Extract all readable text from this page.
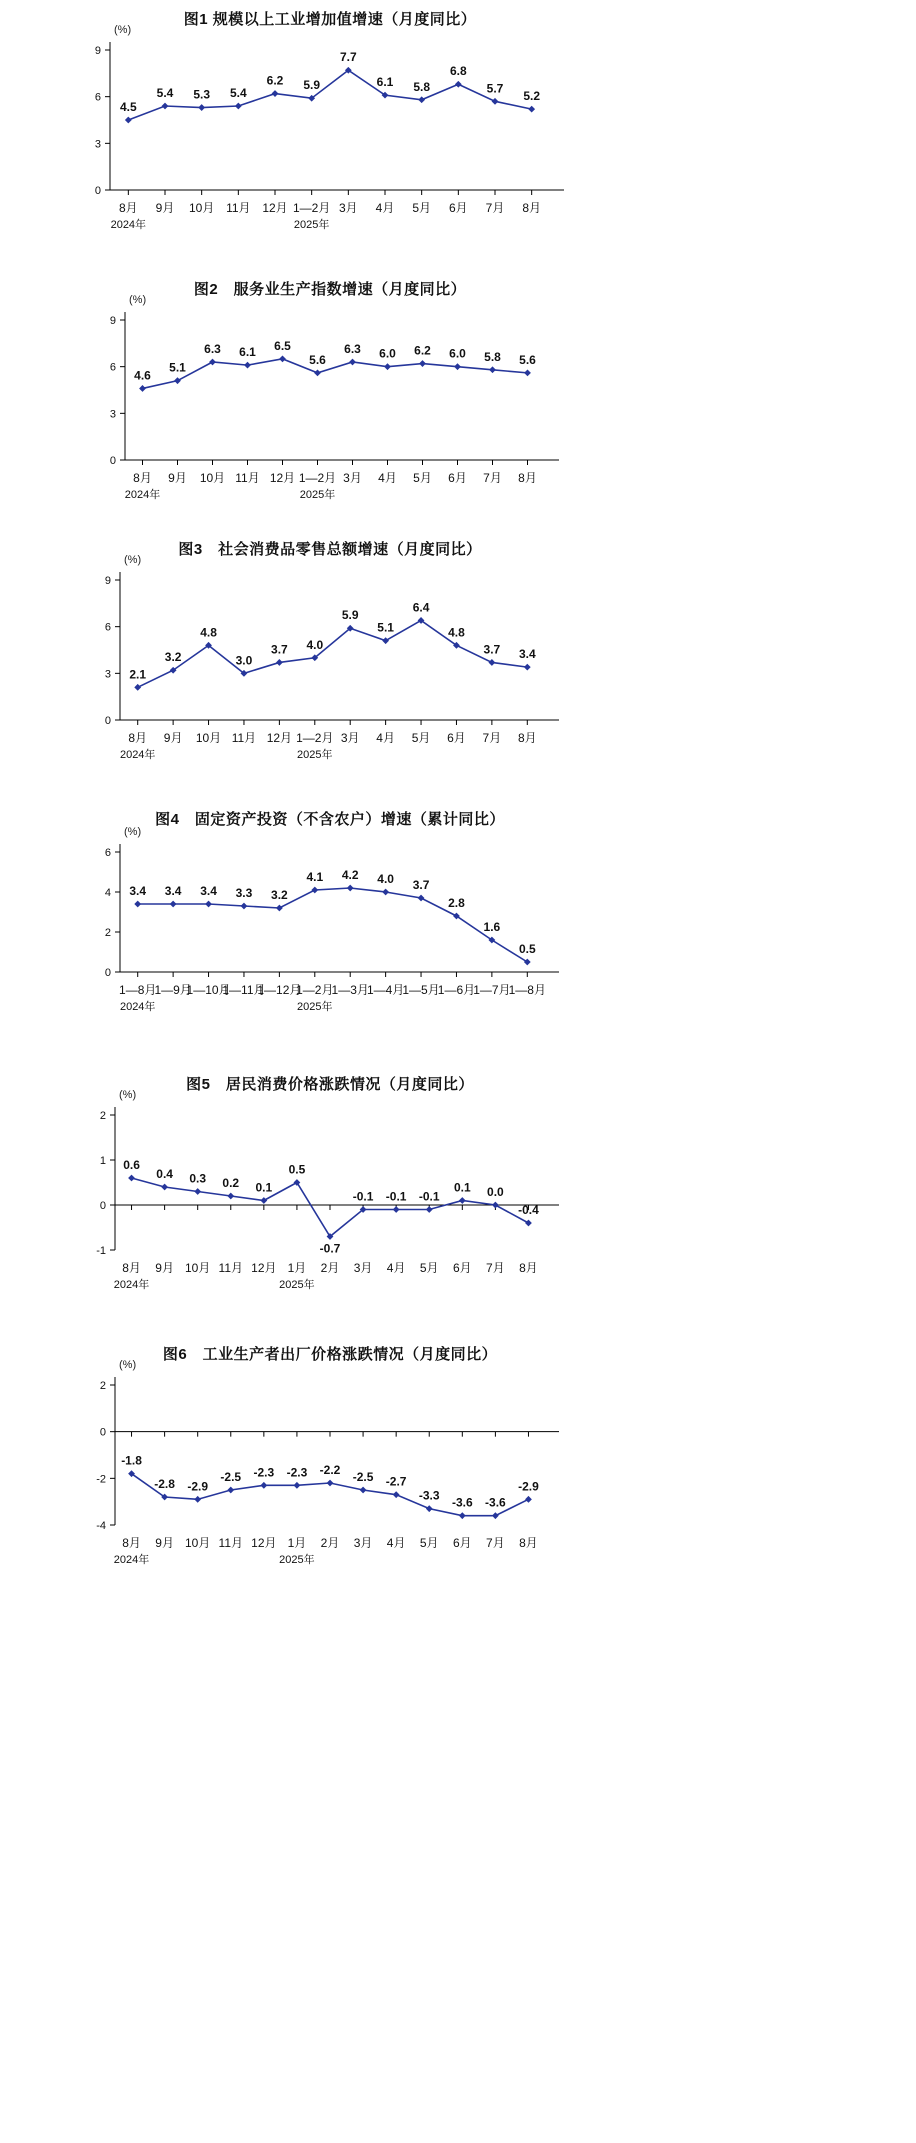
图1 规模以上工业增加值增速（月度同比）
(%)
0
3
6
9
8月 9月 10月 11月 12月 1—2月 3月 4月 5月 6月 7月 8月
2024年	2025年
4.5
5.4 5.3 5.4
6.2 5.9
7.7
6.1 5.8
6.8
5.7
5.2
图2　服务业生产指数增速（月度同比）
(%)
0
3
6
9
8月 9月 10月 11月 12月 1—2月 3月 4月 5月 6月 7月 8月
2024年	2025年
4.6
5.1
6.3 6.1 6.5
5.6
6.3 6.0 6.2 6.0 5.8 5.6
图3　社会消费品零售总额增速（月度同比）
(%)
0
3
6
9
8月 9月 10月 11月 12月 1—2月 3月 4月 5月 6月 7月 8月
2024年	2025年
2.1
3.2
4.8
3.0
3.7 4.0
5.9
5.1
6.4
4.8
3.7 3.4
图4　固定资产投资（不含农户）增速（累计同比）
(%)
0
2
4
6
1—8月
1—9月
1—10月
1—11月
1—12月
1—2月
1—3月
1—4月
1—5月
1—6月
1—7月
1—8月
2024年	2025年
3.4 3.4 3.4 3.3 3.2
4.1 4.2 4.0 3.7
2.8
1.6
0.5
图5　居民消费价格涨跌情况（月度同比）
(%)
-1
0
1
2
8月 9月 10月 11月 12月 1月 2月 3月 4月 5月 6月 7月 8月
2024年	2025年
0.6
0.4 0.3 0.2 0.1
0.5
-0.7
-0.1 -0.1 -0.1
0.1 0.0
-0.4
图6　工业生产者出厂价格涨跌情况（月度同比）
(%)
-4
-2
0
2
8月 9月 10月 11月 12月 1月 2月 3月 4月 5月 6月 7月 8月
2024年	2025年
-1.8
-2.8 -2.9
-2.5 -2.3 -2.3 -2.2 -2.5 -2.7
-3.3 -3.6 -3.6
-2.9
